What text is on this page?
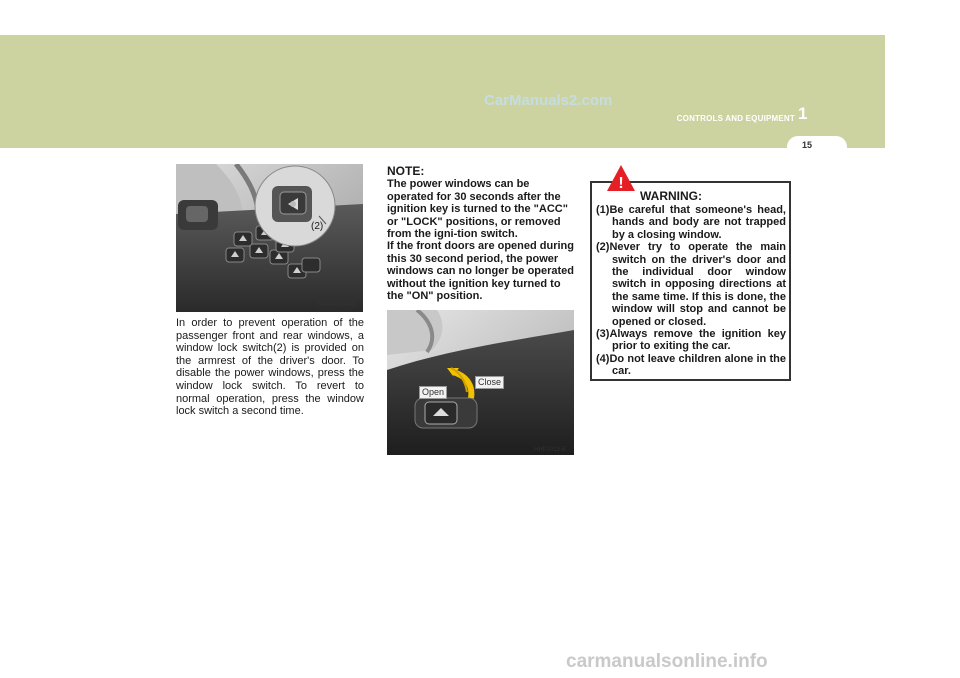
CarManuals2.com
CONTROLS AND EQUIPMENT 1
15
(2)
B060A02HP-E
In order to prevent operation of the passenger front and rear windows, a window lock switch(2) is provided on the armrest of the driver's door. To disable the power windows, press the window lock switch. To revert to normal operation, press the window lock switch a second time.
NOTE:

The power windows can be operated for 30 seconds after the ignition key is turned to the "ACC" or "LOCK" positions, or removed from the igni-tion switch.

If the front doors are opened during this 30 second period, the power windows can no longer be operated without the ignition key turned to the "ON" position.

Open
Close
HHP2013-E
!
WARNING:
(1)Be careful that someone's head, hands and body are not trapped by a closing window.
(2)Never try to operate the main switch on the driver's door and the individual door window switch in opposing directions at the same time. If this is done, the window will stop and cannot be opened or closed.
(3)Always remove the ignition key prior to exiting the car.
(4)Do not leave children alone in the car.
carmanualsonline.info
